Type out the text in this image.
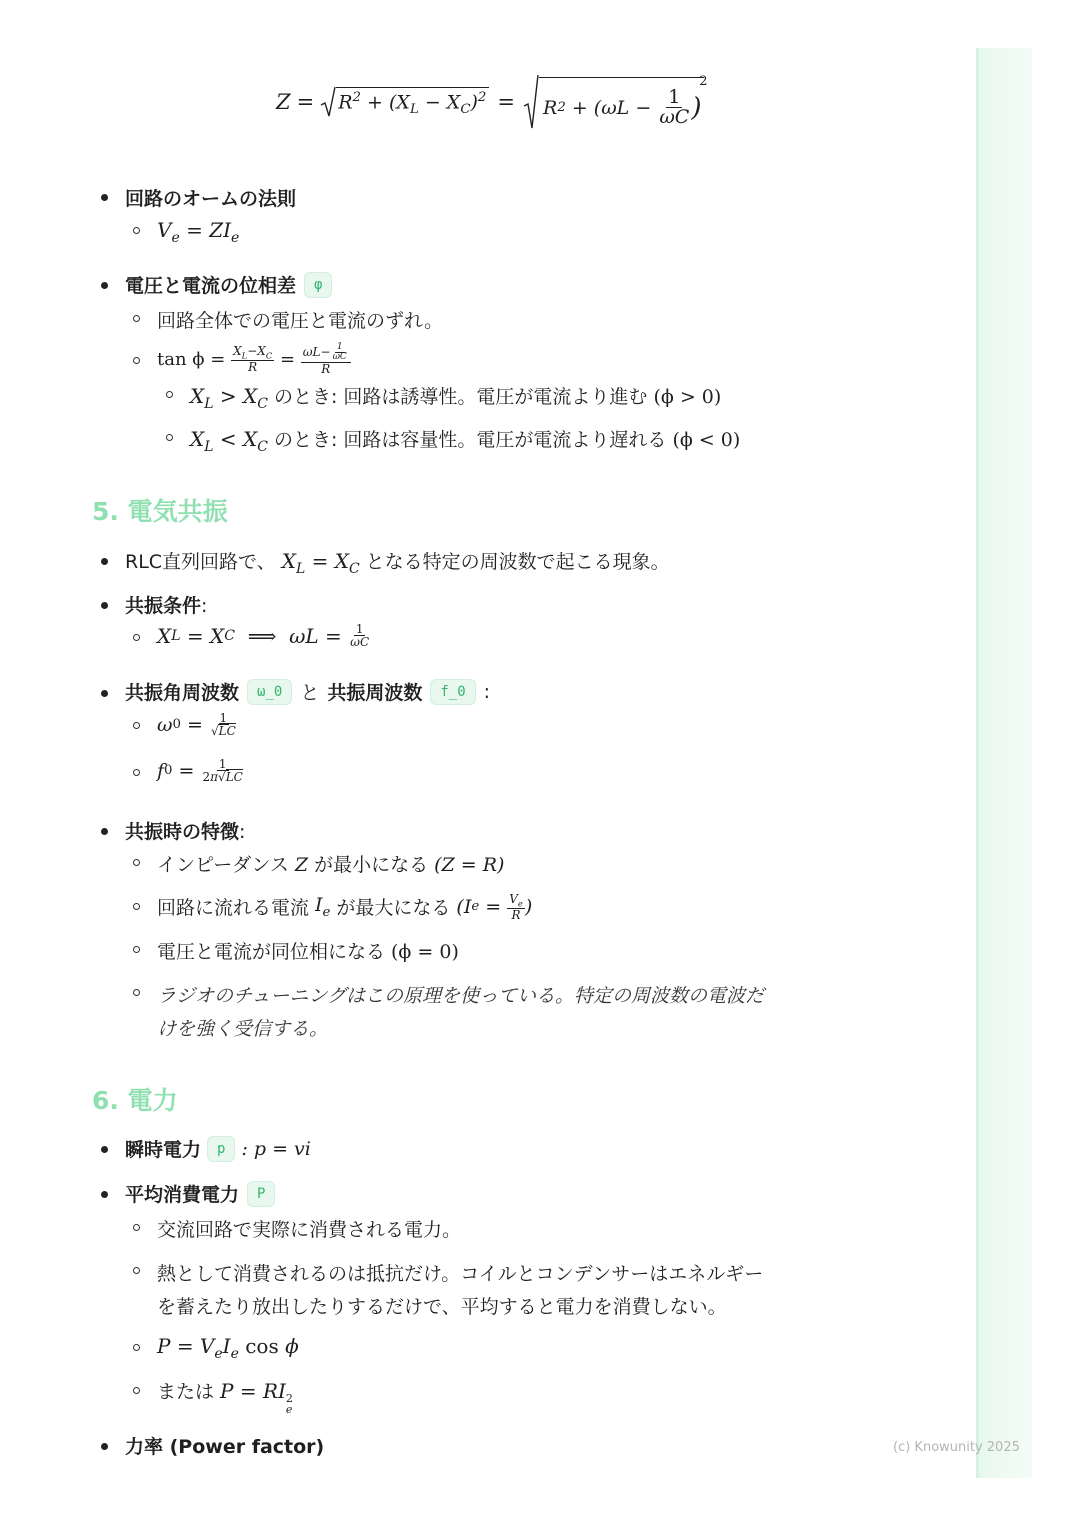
$Z = R^2 + (X_L - X_C)^2 = R$ $2 + (\omega L - \frac{1}{\omega C}$ )
2
回路のオームの法則
$V_e = ZI_e$
電圧と電流の位相差	φ
回路全体での電圧と電流のずれ。
tan ϕ =
$\frac{X_L-X_C}{R} = \frac{\omega L- \frac{1}{\omega C}}{R}$
$X_L > X_C$ のとき: 回路は誘導性。電圧が電流より進む (ϕ > 0)
$X_L < X_C$ のとき: 回路は容量性。電圧が電流より遅れる (ϕ < 0)
5. 電気共振
RLC直列回路で、 $X_L = X_C$ となる特定の周波数で起こる現象。
共振条件:
X L = X C
⟹ $\omega L = \frac{1}{\omega C}$
共振角周波数	ω_0 と 共振周波数	f_0 :
ω $0 = \frac{1}{√LC}$
f $0 = \frac{1}{2\pi√LC}$
共振時の特徴:
インピーダンス Z が最小になる (Z = R)
回路に流れる電流 $I_e$ が最大になる (I $e = \frac{V_e}{R}$ )
電圧と電流が同位相になる (ϕ = 0)
ラジオのチューニングはこの原理を使っている。特定の周波数の電波だ
けを強く受信する。
6. 電力
瞬時電力	p : p = vi
平均消費電力	P
交流回路で実際に消費される電力。
熱として消費されるのは抵抗だけ。コイルとコンデンサーはエネルギー
を蓄えたり放出したりするだけで、平均すると電力を消費しない。
$P = V_eI_e$ cos ϕ
または P = RI 2
e
力率 (Power factor)	(c) Knowunity 2025
